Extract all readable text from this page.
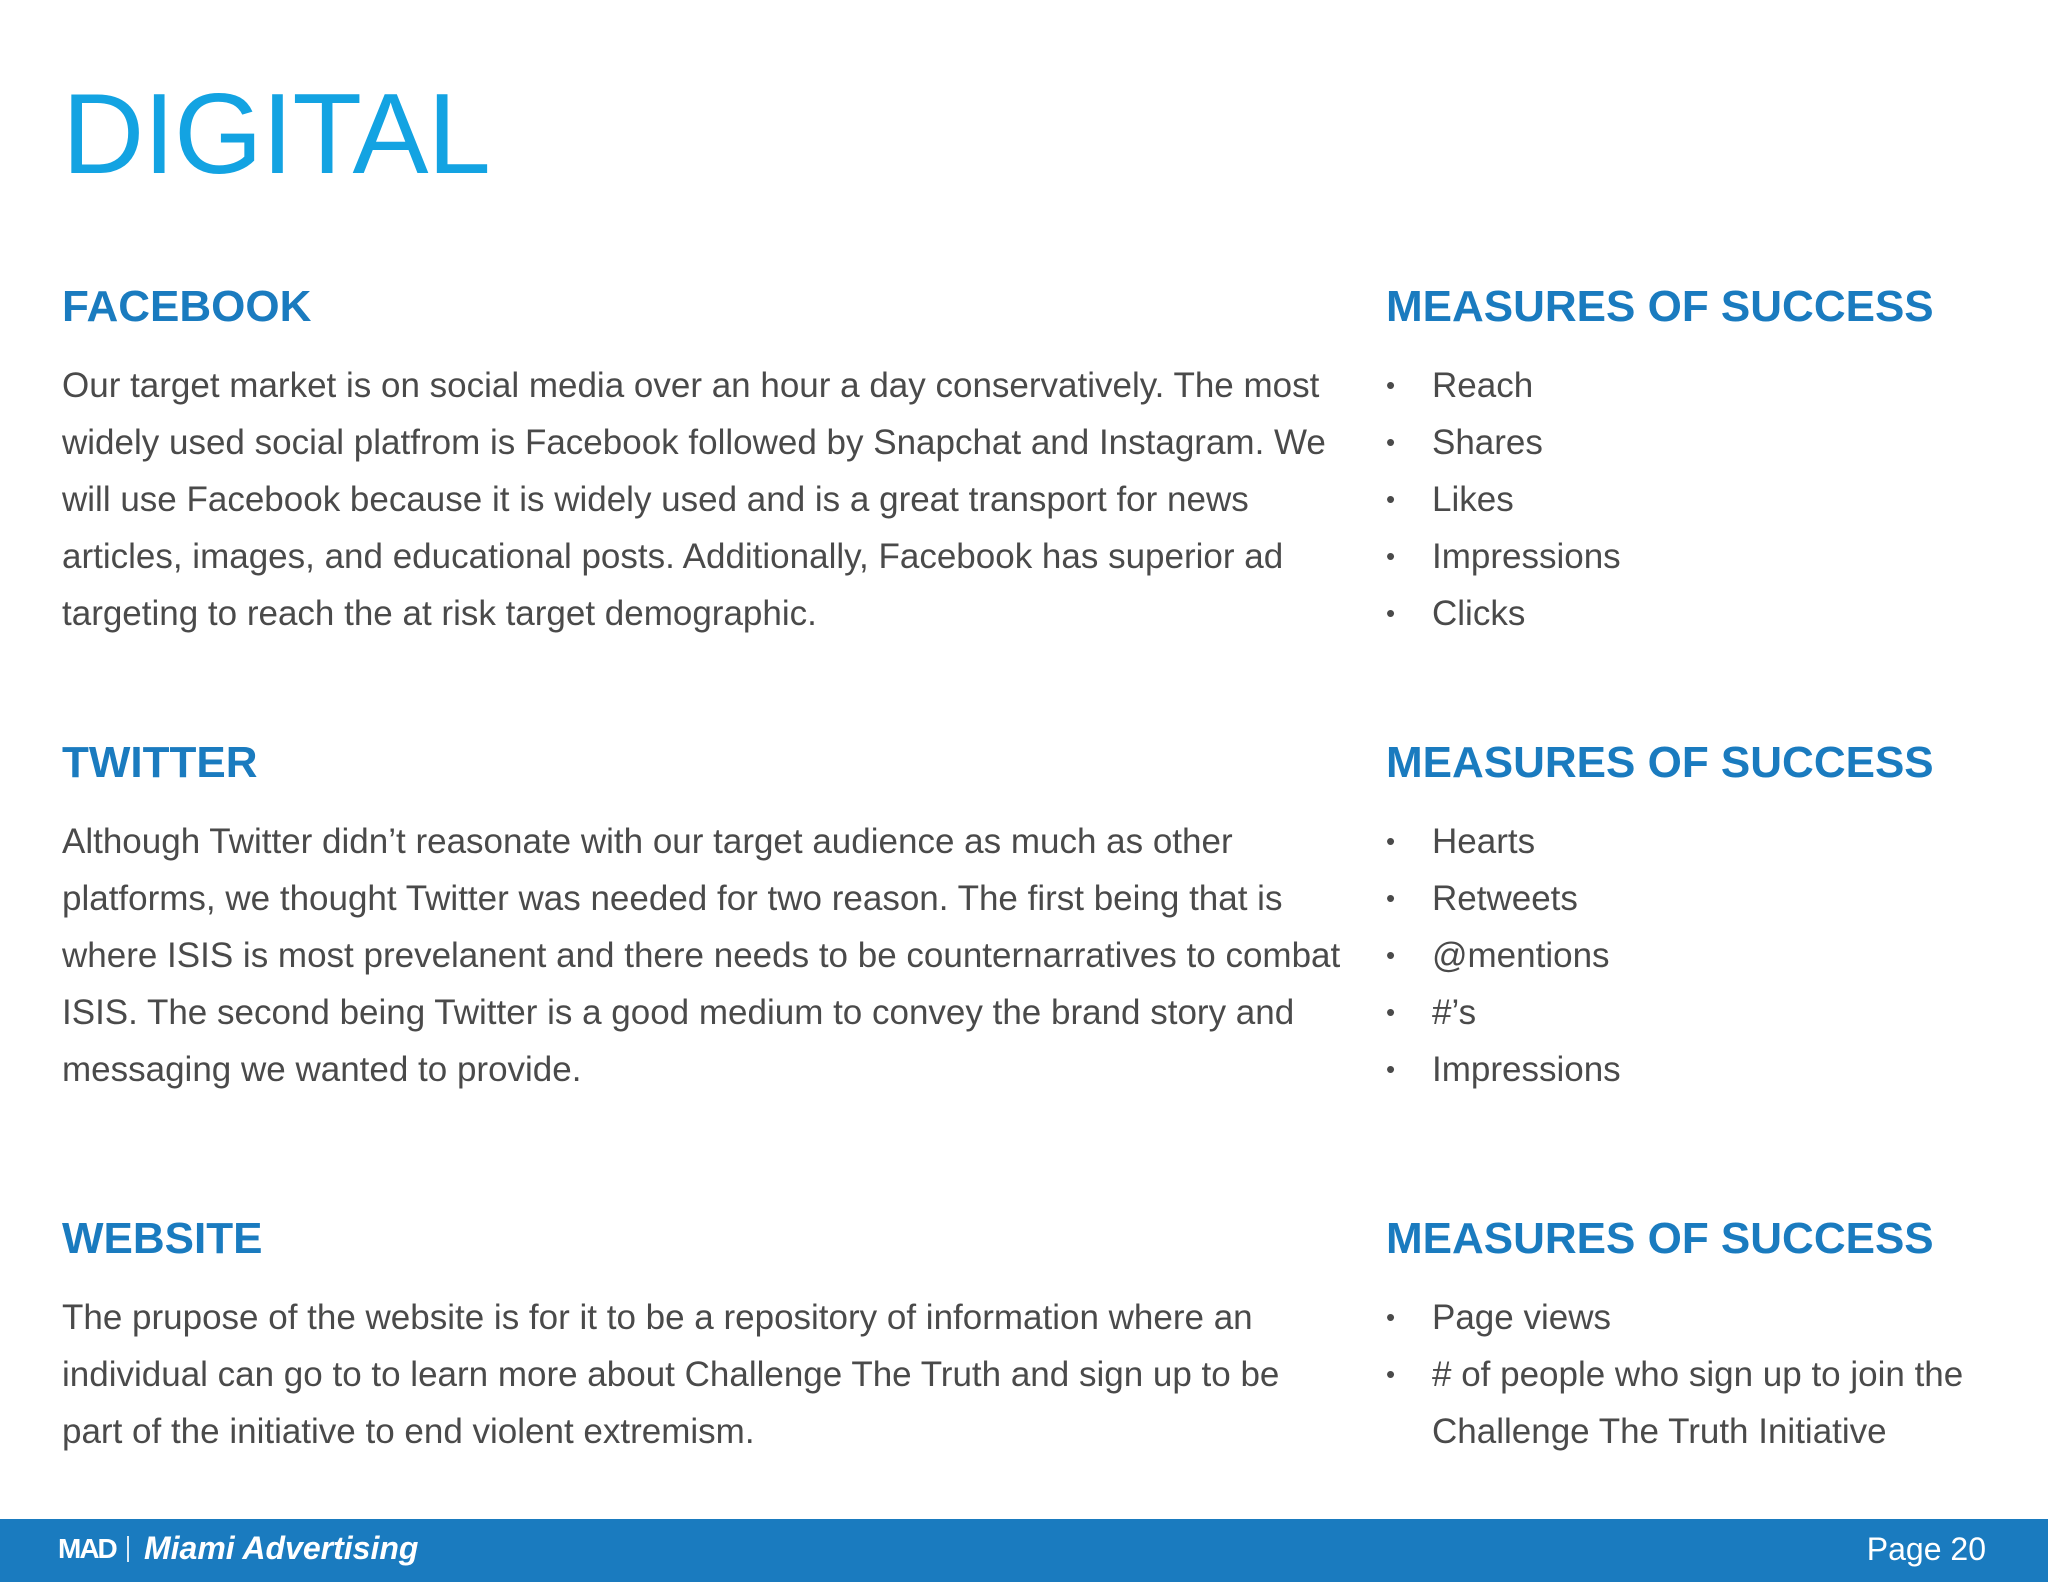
DIGITAL
FACEBOOK

Our target market is on social media over an hour a day conservatively. The most widely used social platfrom is Facebook followed by Snapchat and Instagram. We will use Facebook because it is widely used and is a great transport for news articles, images, and educational posts. Additionally, Facebook has superior ad targeting to reach the at risk target demographic.

MEASURES OF SUCCESS
• Reach
• Shares
• Likes
• Impressions
• Clicks
TWITTER

Although Twitter didn’t reasonate with our target audience as much as other platforms, we thought Twitter was needed for two reason. The first being that is where ISIS is most prevelanent and there needs to be counternarratives to combat ISIS. The second being Twitter is a good medium to convey the brand story and messaging we wanted to provide.

MEASURES OF SUCCESS
• Hearts
• Retweets
• @mentions
• #’s
• Impressions
WEBSITE

The prupose of the website is for it to be a repository of information where an individual can go to to learn more about Challenge The Truth and sign up to be part of the initiative to end violent extremism.

MEASURES OF SUCCESS
• Page views
• # of people who sign up to join the Challenge The Truth Initiative
MAD Miami Advertising	Page 20
